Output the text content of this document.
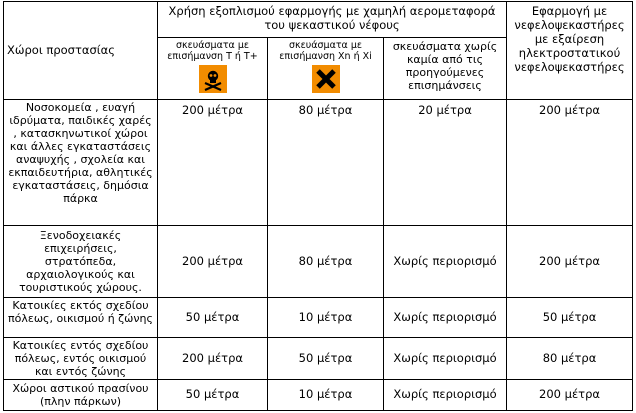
Χώροι προστασίας	Χρήση εξοπλισμού εφαρμογής με χαμηλή αερομεταφορά του ψεκαστικού νέφους			Εφαρμογή με νεφελοψεκαστήρες με εξαίρεση ηλεκτροστατικού νεφελοψεκαστήρες
	σκευάσματα με επισήμανση Τ ή Τ+	σκευάσματα με επισήμανση Xn ή Xi	σκευάσματα χωρίς καμία από τις προηγούμενες επισημάνσεις	
Νοσοκομεία , ευαγή ιδρύματα, παιδικές χαρές , κατασκηνωτικοί χώροι και άλλες εγκαταστάσεις αναψυχής , σχολεία και εκπαιδευτήρια, αθλητικές εγκαταστάσεις, δημόσια πάρκα	200 μέτρα	80 μέτρα	20 μέτρα	200 μέτρα
Ξενοδοχειακές επιχειρήσεις, στρατόπεδα, αρχαιολογικούς και τουριστικούς χώρους.	200 μέτρα	80 μέτρα	Χωρίς περιορισμό	200 μέτρα
Κατοικίες εκτός σχεδίου πόλεως, οικισμού ή ζώνης	50 μέτρα	10 μέτρα	Χωρίς περιορισμό	50 μέτρα
Κατοικίες εντός σχεδίου πόλεως, εντός οικισμού και εντός ζώνης	200 μέτρα	50 μέτρα	Χωρίς περιορισμό	80 μέτρα
Χώροι αστικού πρασίνου (πλην πάρκων)	50 μέτρα	10 μέτρα	Χωρίς περιορισμό	200 μέτρα
